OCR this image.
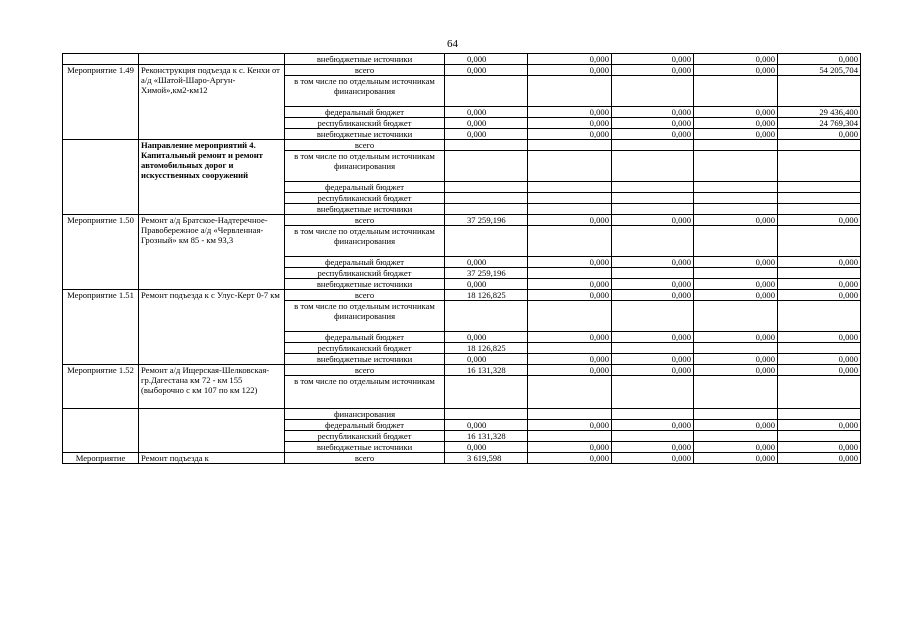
64
		внебюджетные источники	0,000	0,000	0,000	0,000	0,000
Мероприятие 1.49	Реконструкция подъезда к с. Кенхи от а/д «Шатой-Шаро-Аргун-Химой»,км2-км12	всего	0,000	0,000	0,000	0,000	54 205,704
		в том числе по отдельным источникам финансирования					
		федеральный бюджет	0,000	0,000	0,000	0,000	29 436,400
		республиканский бюджет	0,000	0,000	0,000	0,000	24 769,304
		внебюджетные источники	0,000	0,000	0,000	0,000	0,000
	Направление мероприятий 4. Капитальный ремонт и ремонт автомобильных дорог и искусственных сооружений	всего					
		в том числе по отдельным источникам финансирования					
		федеральный бюджет					
		республиканский бюджет					
		внебюджетные источники					
Мероприятие 1.50	Ремонт а/д Братское-Надтеречное-Правобережное а/д «Червленная-Грозный» км 85 - км 93,3	всего	37 259,196	0,000	0,000	0,000	0,000
		в том числе по отдельным источникам финансирования					
		федеральный бюджет	0,000	0,000	0,000	0,000	0,000
		республиканский бюджет	37 259,196				
		внебюджетные источники	0,000	0,000	0,000	0,000	0,000
Мероприятие 1.51	Ремонт подъезда к с Улус-Керт 0-7 км	всего	18 126,825	0,000	0,000	0,000	0,000
		в том числе по отдельным источникам финансирования					
		федеральный бюджет	0,000	0,000	0,000	0,000	0,000
		республиканский бюджет	18 126,825				
		внебюджетные источники	0,000	0,000	0,000	0,000	0,000
Мероприятие 1.52	Ремонт а/д Ищерская-Шелковская-гр.Дагестана км 72 - км 155 (выборочно с км 107 по км 122)	всего	16 131,328	0,000	0,000	0,000	0,000
		в том числе по отдельным источникам					
		финансирования					
		федеральный бюджет	0,000	0,000	0,000	0,000	0,000
		республиканский бюджет	16 131,328				
		внебюджетные источники	0,000	0,000	0,000	0,000	0,000
Мероприятие	Ремонт подъезда к	всего	3 619,598	0,000	0,000	0,000	0,000
